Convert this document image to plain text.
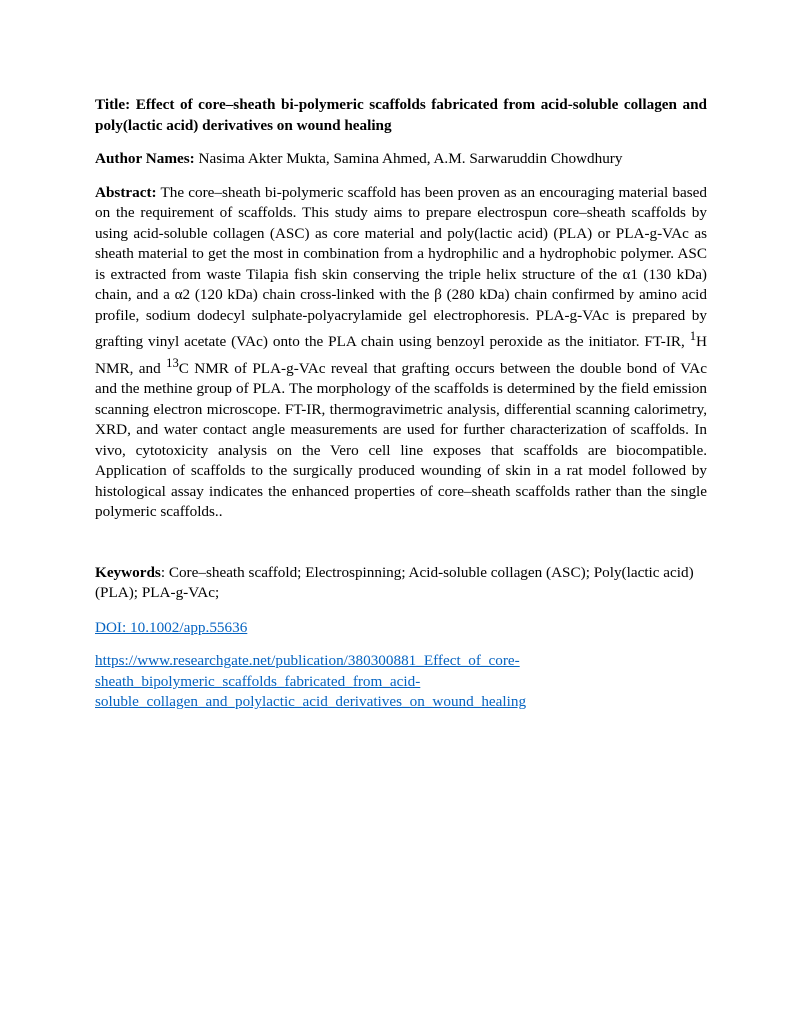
Title: Effect of core–sheath bi-polymeric scaffolds fabricated from acid-soluble collagen and poly(lactic acid) derivatives on wound healing

Author Names: Nasima Akter Mukta, Samina Ahmed, A.M. Sarwaruddin Chowdhury

Abstract: The core–sheath bi-polymeric scaffold has been proven as an encouraging material based on the requirement of scaffolds. This study aims to prepare electrospun core–sheath scaffolds by using acid-soluble collagen (ASC) as core material and poly(lactic acid) (PLA) or PLA-g-VAc as sheath material to get the most in combination from a hydrophilic and a hydrophobic polymer. ASC is extracted from waste Tilapia fish skin conserving the triple helix structure of the α1 (130 kDa) chain, and a α2 (120 kDa) chain cross-linked with the β (280 kDa) chain confirmed by amino acid profile, sodium dodecyl sulphate-polyacrylamide gel electrophoresis. PLA-g-VAc is prepared by grafting vinyl acetate (VAc) onto the PLA chain using benzoyl peroxide as the initiator. FT-IR, $^1$H NMR, and $^{13}$C NMR of PLA-g-VAc reveal that grafting occurs between the double bond of VAc and the methine group of PLA. The morphology of the scaffolds is determined by the field emission scanning electron microscope. FT-IR, thermogravimetric analysis, differential scanning calorimetry, XRD, and water contact angle measurements are used for further characterization of scaffolds. In vivo, cytotoxicity analysis on the Vero cell line exposes that scaffolds are biocompatible. Application of scaffolds to the surgically produced wounding of skin in a rat model followed by histological assay indicates the enhanced properties of core–sheath scaffolds rather than the single polymeric scaffolds..

Keywords: Core–sheath scaffold; Electrospinning; Acid-soluble collagen (ASC); Poly(lactic acid) (PLA); PLA-g-VAc;

DOI: 10.1002/app.55636

https://www.researchgate.net/publication/380300881_Effect_of_core-
sheath_bipolymeric_scaffolds_fabricated_from_acid-
soluble_collagen_and_polylactic_acid_derivatives_on_wound_healing
